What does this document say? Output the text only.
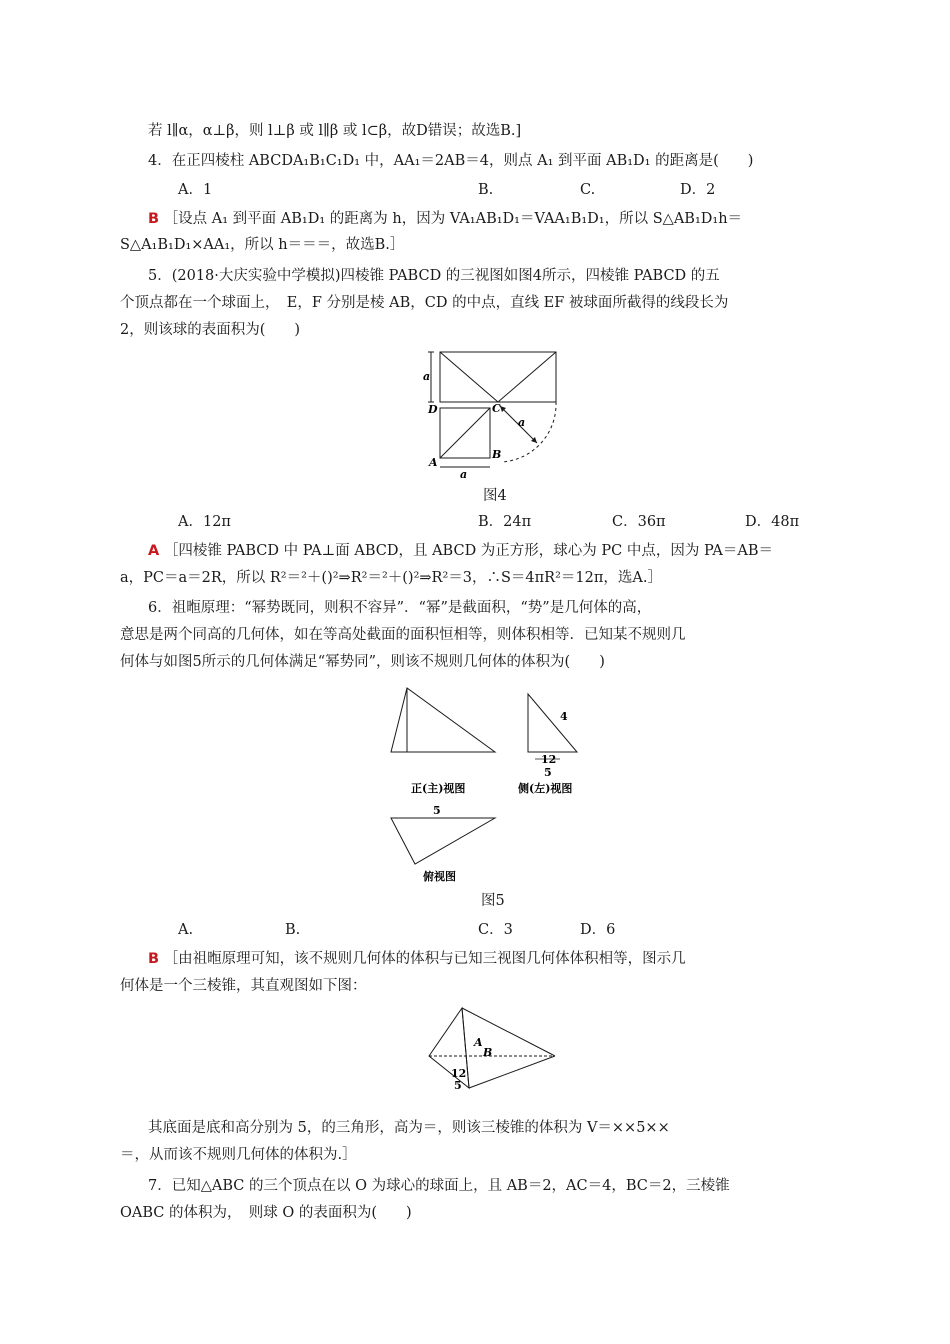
若 l∥α，α⊥β，则 l⊥β 或 l∥β 或 l⊂β，故D错误；故选B.]
4．在正四棱柱 ABCDA₁B₁C₁D₁ 中，AA₁＝2AB＝4，则点 A₁ 到平面 AB₁D₁ 的距离是(　　)
A．1	B.	C.	D．2
B ［设点 A₁ 到平面 AB₁D₁ 的距离为 h，因为 VA₁AB₁D₁＝VAA₁B₁D₁，所以 S△AB₁D₁h＝
S△A₁B₁D₁×AA₁，所以 h＝＝＝，故选B.］
5．(2018·大庆实验中学模拟)四棱锥 PABCD 的三视图如图4所示，四棱锥 PABCD 的五
个顶点都在一个球面上，　E，F 分别是棱 AB，CD 的中点，直线 EF 被球面所截得的线段长为
2，则该球的表面积为(　　)
a
D	C
a
A
B
a
图4
A．12π	B．24π	C．36π	D．48π
A ［四棱锥 PABCD 中 PA⊥面 ABCD，且 ABCD 为正方形，球心为 PC 中点，因为 PA＝AB＝
a，PC＝a＝2R，所以 R²＝²＋()²⇒R²＝²＋()²⇒R²＝3，∴S＝4πR²＝12π，选A.］
6．祖暅原理：“幂势既同，则积不容异”．“幂”是截面积，“势”是几何体的高，
意思是两个同高的几何体，如在等高处截面的面积恒相等，则体积相等．已知某不规则几
何体与如图5所示的几何体满足“幂势同”，则该不规则几何体的体积为(　　)
正(主)视图	侧(左)视图
俯视图
4
12
5
5
图5
A.	B.	C．3	D．6
B ［由祖暅原理可知，该不规则几何体的体积与已知三视图几何体体积相等，图示几
何体是一个三棱锥，其直观图如下图：
A
B
12
5
其底面是底和高分别为 5，的三角形，高为＝，则该三棱锥的体积为 V＝××5××
＝，从而该不规则几何体的体积为.］
7．已知△ABC 的三个顶点在以 O 为球心的球面上，且 AB＝2，AC＝4，BC＝2，三棱锥
OABC 的体积为，　则球 O 的表面积为(　　)
